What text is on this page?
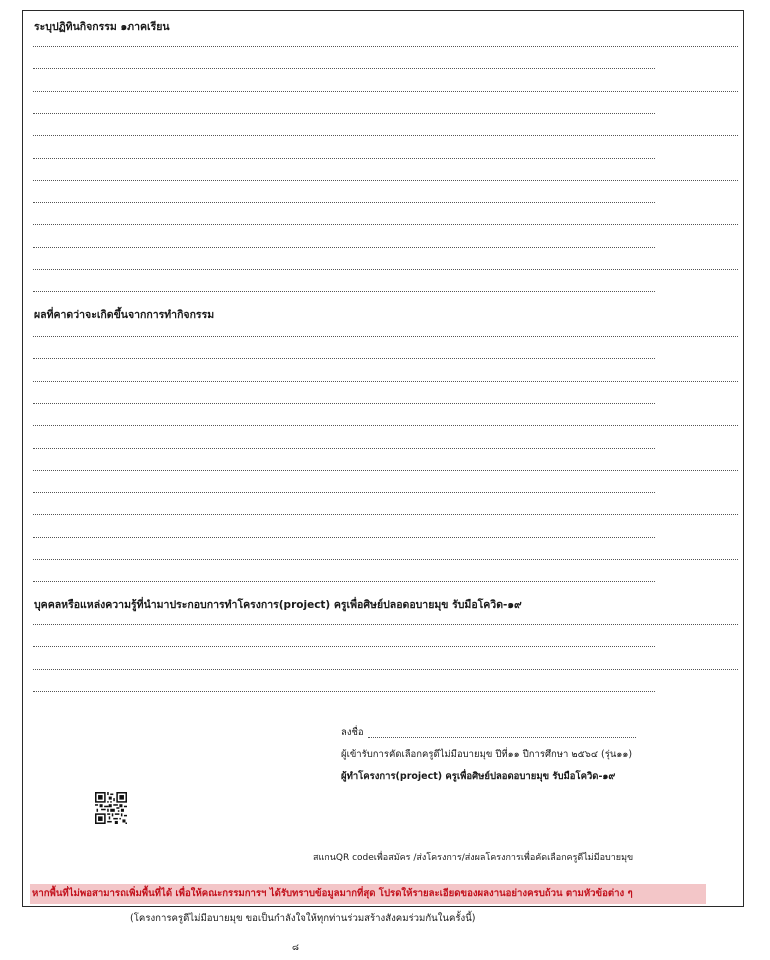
ระบุปฏิทินกิจกรรม ๑ภาคเรียน
ผลที่คาดว่าจะเกิดขึ้นจากการทำกิจกรรม
บุคคลหรือแหล่งความรู้ที่นำมาประกอบการทำโครงการ(project) ครูเพื่อศิษย์ปลอดอบายมุข รับมือโควิด-๑๙
ลงชื่อ
ผู้เข้ารับการคัดเลือกครูดีไม่มีอบายมุข ปีที่๑๑ ปีการศึกษา ๒๕๖๔ (รุ่น๑๑)
ผู้ทำโครงการ(project) ครูเพื่อศิษย์ปลอดอบายมุข รับมือโควิด-๑๙
สแกนQR codeเพื่อสมัคร /ส่งโครงการ/ส่งผลโครงการเพื่อคัดเลือกครูดีไม่มีอบายมุข
หากพื้นที่ไม่พอสามารถเพิ่มพื้นที่ได้ เพื่อให้คณะกรรมการฯ ได้รับทราบข้อมูลมากที่สุด โปรดให้รายละเอียดของผลงานอย่างครบถ้วน ตามหัวข้อต่าง ๆ
(โครงการครูดีไม่มีอบายมุข ขอเป็นกำลังใจให้ทุกท่านร่วมสร้างสังคมร่วมกันในครั้งนี้)
๘
